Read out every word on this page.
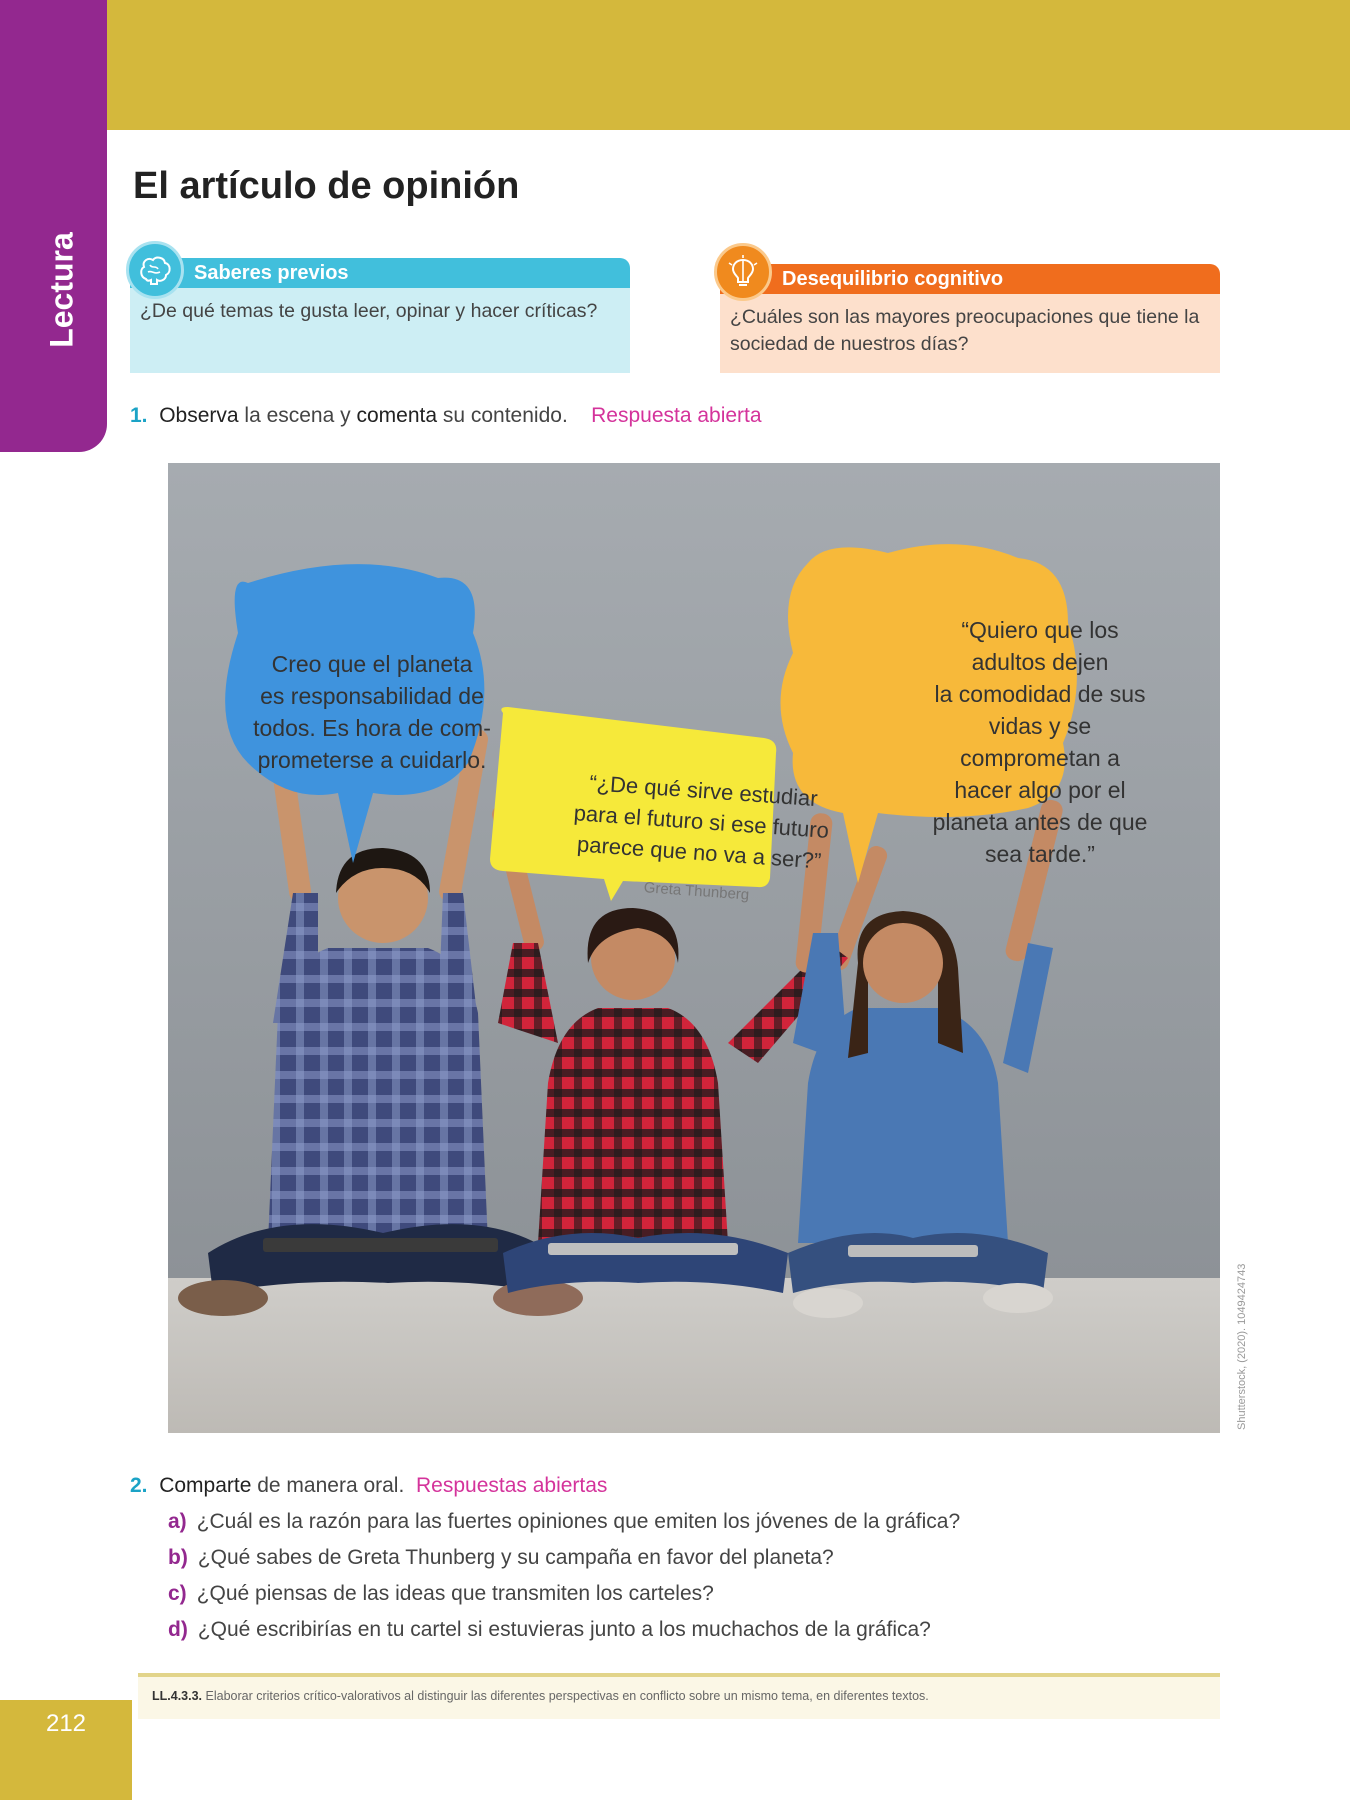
Lectura
El artículo de opinión
Saberes previos
¿De qué temas te gusta leer, opinar y hacer críticas?
Desequilibrio cognitivo
¿Cuáles son las mayores preocupaciones que tiene la sociedad de nuestros días?
1. Observa la escena y comenta su contenido. Respuesta abierta
Creo que el planeta
es responsabilidad de
todos. Es hora de com-
prometerse a cuidarlo.
“¿De qué sirve estudiar
para el futuro si ese futuro
parece que no va a ser?”
Greta Thunberg
“Quiero que los
adultos dejen
la comodidad de sus
vidas y se
comprometan a
hacer algo por el
planeta antes de que
sea tarde.”
Shutterstock, (2020). 1049424743
2. Comparte de manera oral. Respuestas abiertas
a) ¿Cuál es la razón para las fuertes opiniones que emiten los jóvenes de la gráfica?
b) ¿Qué sabes de Greta Thunberg y su campaña en favor del planeta?
c) ¿Qué piensas de las ideas que transmiten los carteles?
d) ¿Qué escribirías en tu cartel si estuvieras junto a los muchachos de la gráfica?
LL.4.3.3. Elaborar criterios crítico-valorativos al distinguir las diferentes perspectivas en conflicto sobre un mismo tema, en diferentes textos.
212
